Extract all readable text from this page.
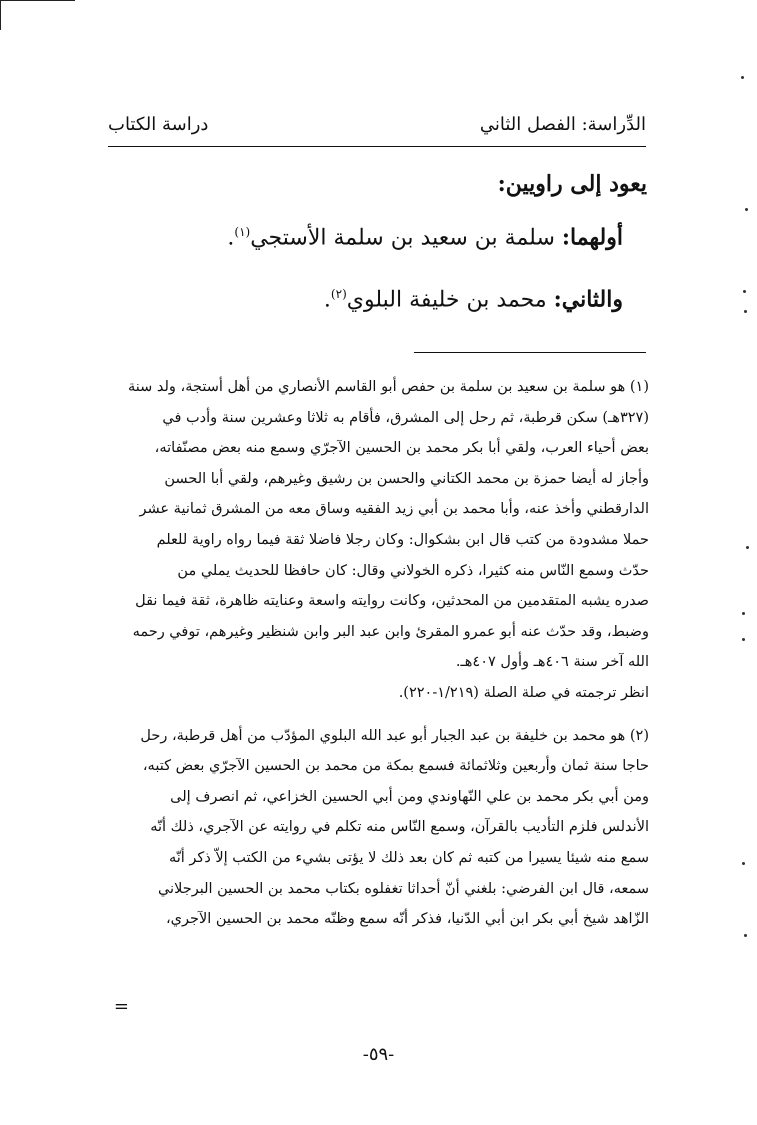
الدِّراسة: الفصل الثاني
دراسة الكتاب
يعود إلى راويين:
أولهما: سلمة بن سعيد بن سلمة الأستجي$^{(١)}$.
والثاني: محمد بن خليفة البلوي$^{(٢)}$.
(١) هو سلمة بن سعيد بن سلمة بن حفص أبو القاسم الأنصاري من أهل أستجة، ولد سنة
(٣٢٧هـ) سكن قرطبة، ثم رحل إلى المشرق، فأقام به ثلاثا وعشرين سنة وأدب في
بعض أحياء العرب، ولقي أبا بكر محمد بن الحسين الآجرّي وسمع منه بعض مصنّفاته،
وأجاز له أيضا حمزة بن محمد الكتاني والحسن بن رشيق وغيرهم، ولقي أبا الحسن
الدارقطني وأخذ عنه، وأبا محمد بن أبي زيد الفقيه وساق معه من المشرق ثمانية عشر
حملا مشدودة من كتب قال ابن بشكوال: وكان رجلا فاضلا ثقة فيما رواه راوية للعلم
حدّث وسمع النّاس منه كثيرا، ذكره الخولاني وقال: كان حافظا للحديث يملي من
صدره يشبه المتقدمين من المحدثين، وكانت روايته واسعة وعنايته ظاهرة، ثقة فيما نقل
وضبط، وقد حدّث عنه أبو عمرو المقرئ وابن عبد البر وابن شنظير وغيرهم، توفي رحمه
الله آخر سنة ٤٠٦هـ وأول ٤٠٧هـ.
انظر ترجمته في صلة الصلة (١/٢١٩-٢٢٠).
(٢) هو محمد بن خليفة بن عبد الجبار أبو عبد الله البلوي المؤدّب من أهل قرطبة، رحل
حاجا سنة ثمان وأربعين وثلاثمائة فسمع بمكة من محمد بن الحسين الآجرّي بعض كتبه،
ومن أبي بكر محمد بن علي النّهاوندي ومن أبي الحسين الخزاعي، ثم انصرف إلى
الأندلس فلزم التأديب بالقرآن، وسمع النّاس منه تكلم في روايته عن الآجري، ذلك أنّه
سمع منه شيئا يسيرا من كتبه ثم كان بعد ذلك لا يؤتى بشيء من الكتب إلاّ ذكر أنّه
سمعه، قال ابن الفرضي: بلغني أنّ أحداثا تغفلوه بكتاب محمد بن الحسين البرجلاني
الزّاهد شيخ أبي بكر ابن أبي الدّنيا، فذكر أنّه سمع وظنّه محمد بن الحسين الآجري،
=
-٥٩-
